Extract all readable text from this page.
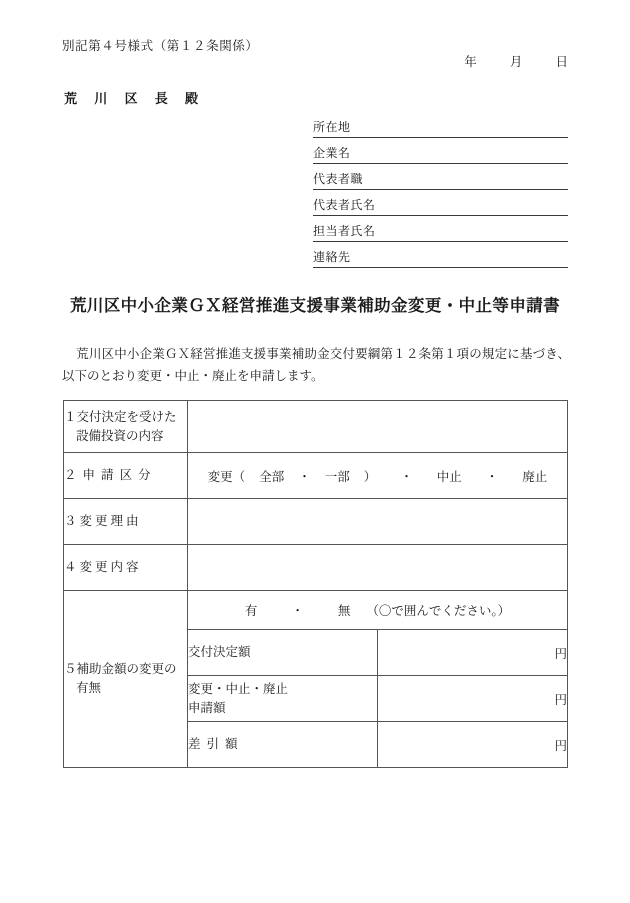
別記第４号様式（第１２条関係）
年	月	日
荒 川 区 長 殿
所在地
企業名
代表者職
代表者氏名
担当者氏名
連絡先
荒川区中小企業ＧＸ経営推進支援事業補助金変更・中止等申請書
荒川区中小企業ＧＸ経営推進支援事業補助金交付要綱第１２条第１項の規定に基づき、以下のとおり変更・中止・廃止を申請します。
１交付決定を受けた
設備投資の内容

２申請区分	変更（ 全部 ・ 一部 ） ・ 中止 ・ 廃止

３変更理由	
４変更内容	
５補助金額の変更の
有無

有	・	無 （〇で囲んでください。）
交付決定額	円
変更・中止・廃止
申請額	円
差引額	円
